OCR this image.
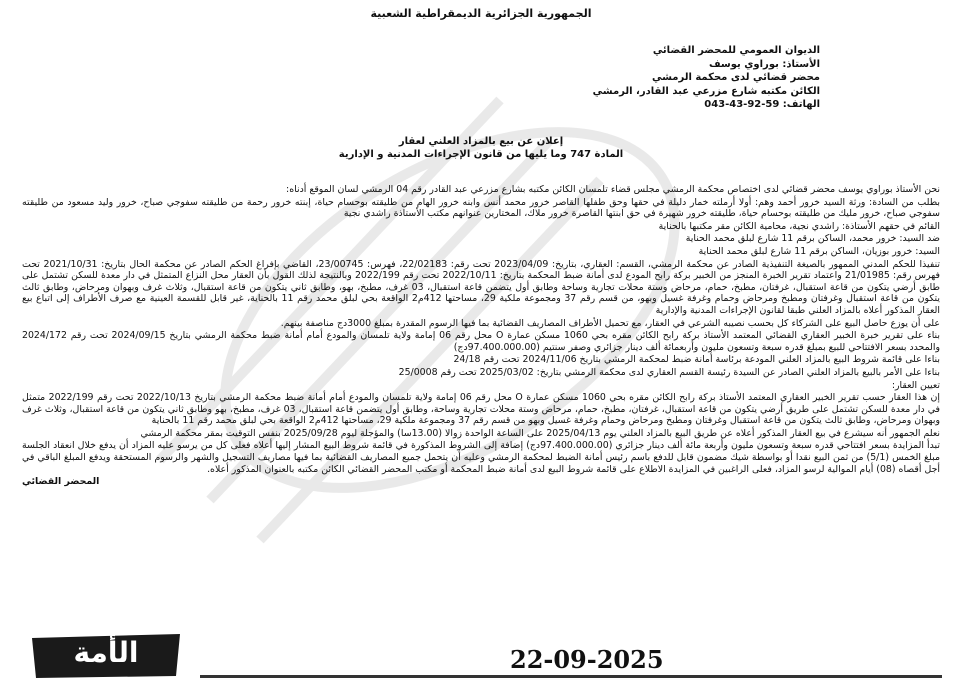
الجمهورية الجزائرية الديمقراطية الشعبية
الديوان العمومي للمحضر القضائي
الأستاذ: بوراوي يوسف
محضر قضائي لدى محكمة الرمشي
الكائن مكتبه شارع مزرعي عبد القادر، الرمشي
الهاتف: 043-43-92-59
إعلان عن بيع بالمزاد العلني لعقار
المادة 747 وما يليها من قانون الإجراءات المدنية و الإدارية

نحن الأستاذ بوراوي يوسف محضر قضائي لدى اختصاص محكمة الرمشي مجلس قضاء تلمسان الكائن مكتبه بشارع مزرعي عبد القادر رقم 04 الرمشي لسان الموقع أدناه:

بطلب من السادة: ورثة السيد خرور أحمد وهم: أولا أرملته خمار دليلة في حقها وحق طفلها القاصر خرور محمد أنس وابنه خرور الهام من طليقته بوحسام حياة، إبنته خرور رحمة من طليقته سفوجي صباح، خرور وليد مسعود من طليقته سفوجي صباح، خرور مليك من طليقته بوحسام حياة، طليقته خرور شهيرة في حق ابنتها القاصرة خرور ملاك، المختارين عنوانهم مكتب الأستاذة راشدي نجية

القائم في حقهم الأستاذة: راشدي نجية، محامية الكائن مقر مكتبها بالحناية

ضد السيد: خرور محمد، الساكن برقم 11 شارع لبلق محمد الحناية

السيد: خرور بوزيان، الساكن برقم 11 شارع لبلق محمد الحناية

تنفيذا للحكم المدني الممهور بالصيغة التنفيذية الصادر عن محكمة الرمشي، القسم: العقاري، بتاريخ: 2023/04/09 تحت رقم: 22/02183، فهرس: 23/00745، القاضي بإفراغ الحكم الصادر عن محكمة الحال بتاريخ: 2021/10/31 تحت فهرس رقم: 21/01985 واعتماد تقرير الخبرة المنجز من الخبير بركة رابح المودع لدى أمانة ضبط المحكمة بتاريخ: 2022/10/11 تحت رقم 2022/199 وبالنتيجة لذلك القول بأن العقار محل النزاع المتمثل في دار معدة للسكن تشتمل على طابق أرضي يتكون من قاعة استقبال، غرفتان، مطبخ، حمام، مرحاض وستة محلات تجارية وساحة وطابق أول يتضمن قاعة استقبال، 03 غرف، مطبخ، بهو، وطابق ثاني يتكون من قاعة استقبال، وثلاث غرف وبهوان ومرحاض، وطابق ثالث يتكون من قاعة استقبال وغرفتان ومطبخ ومرحاض وحمام وغرفة غسيل وبهو، من قسم رقم 37 ومجموعة ملكية 29، مساحتها 412م2 الواقعة بحي لبلق محمد رقم 11 بالحناية، غير قابل للقسمة العينية مع صرف الأطراف إلى اتباع بيع العقار المذكور أعلاه بالمزاد العلني طبقا لقانون الإجراءات المدنية والإدارية

على أن يوزع حاصل البيع على الشركاء كل بحسب نصيبه الشرعي في العقار، مع تحميل الأطراف المصاريف القضائية بما فيها الرسوم المقدرة بمبلغ 3000دج مناصفة بينهم.

بناء على تقرير خبرة الخبير العقاري القضائي المعتمد الأستاذ بركة رابح الكائن مقره بحي 1060 مسكن عمارة O محل رقم 06 إمامة ولاية تلمسان والمودع أمام أمانة ضبط محكمة الرمشي بتاريخ 2024/09/15 تحت رقم 2024/172 والمحدد بسعر الافتتاحي للبيع بمبلغ قدره سبعة وتسعون مليون وأربعمائة ألف دينار جزائري وصفر سنتيم (97.400.000.00دج)

بناءا على قائمة شروط البيع بالمزاد العلني المودعة برئاسة أمانة ضبط لمحكمة الرمشي بتاريخ 2024/11/06 تحت رقم 24/18

بناءا على الأمر بالبيع بالمزاد العلني الصادر عن السيدة رئيسة القسم العقاري لدى محكمة الرمشي بتاريخ: 2025/03/02 تحت رقم 25/0008

تعيين العقار:

إن هذا العقار حسب تقرير الخبير العقاري المعتمد الأستاذ بركة رابح الكائن مقره بحي 1060 مسكن عمارة O محل رقم 06 إمامة ولاية تلمسان والمودع أمام أمانة ضبط محكمة الرمشي بتاريخ 2022/10/13 تحت رقم 2022/199 متمثل في دار معدة للسكن تشتمل على طريق أرضي يتكون من قاعة استقبال، غرفتان، مطبخ، حمام، مرحاض وستة محلات تجارية وساحة، وطابق أول يتضمن قاعة استقبال، 03 غرف، مطبخ، بهو وطابق ثاني يتكون من قاعة استقبال، وثلاث غرف وبهوان ومرحاض، وطابق ثالث يتكون من قاعة استقبال وغرفتان ومطبخ ومرحاض وحمام وغرفة غسيل وبهو من قسم رقم 37 ومجموعة ملكية 29، مساحتها 412م2 الواقعة بحي لبلق محمد رقم 11 بالحناية

نعلم الجمهور أنه سيشرع في بيع العقار المذكور أعلاه عن طريق البيع بالمزاد العلني يوم 2025/04/13 على الساعة الواحدة زوالا (13.00سا) والمؤجلة ليوم 2025/09/28 بنفس التوقيت بمقر محكمة الرمشي

تبدأ المزايدة بسعر افتتاحي قدره سبعة وتسعون مليون وأربعة مائة ألف دينار جزائري (97.400.000.00دج) إضافة إلى الشروط المذكورة في قائمة شروط البيع المشار إليها أعلاه فعلى كل من يرسو عليه المزاد أن يدفع خلال انعقاد الجلسة مبلغ الخمس (5/1) من ثمن البيع نقدا أو بواسطة شيك مضمون قابل للدفع باسم رئيس أمانة الضبط لمحكمة الرمشي وعليه أن يتحمل جميع المصاريف القضائية بما فيها مصاريف التسجيل والشهر والرسوم المستحقة ويدفع المبلغ الباقي في أجل أقصاه (08) أيام الموالية لرسو المزاد، فعلى الراغبين في المزايدة الاطلاع على قائمة شروط البيع لدى أمانة ضبط المحكمة أو مكتب المحضر القضائي الكائن مكتبه بالعنوان المذكور أعلاه.

المحضر القضائي

22-09-2025
الأمة
